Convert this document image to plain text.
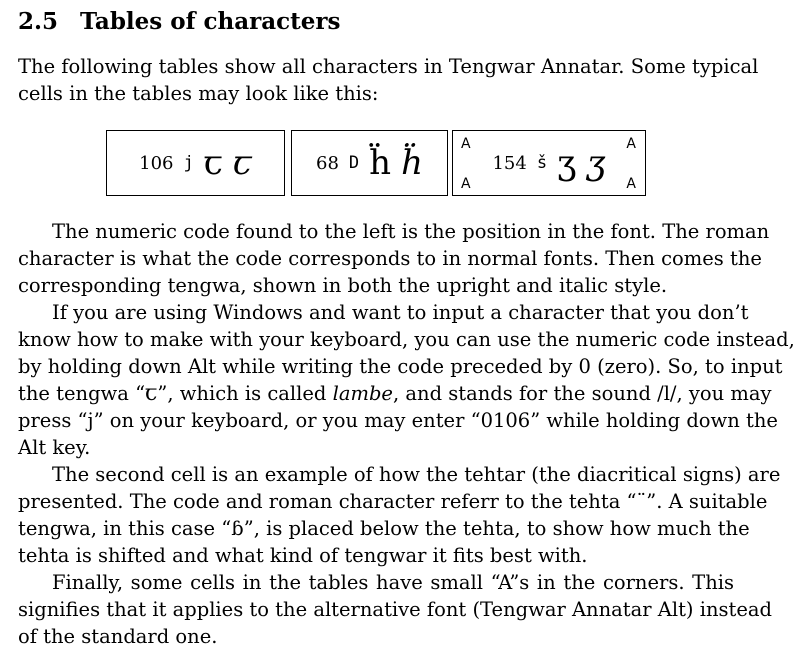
2.5 Tables of characters
The following tables show all characters in Tengwar Annatar. Some typical
cells in the tables may look like this:
106 j ꞇ ꞇ	68 D ḧ ḧ	A	A
A	A
154 š ʒ ʒ
The numeric code found to the left is the position in the font. The roman
character is what the code corresponds to in normal fonts. Then comes the
corresponding tengwa, shown in both the upright and italic style.
If you are using Windows and want to input a character that you don’t
know how to make with your keyboard, you can use the numeric code instead,
by holding down Alt while writing the code preceded by 0 (zero). So, to input
the tengwa “ꞇ”, which is called lambe, and stands for the sound /l/, you may
press “j” on your keyboard, or you may enter “0106” while holding down the
Alt key.
The second cell is an example of how the tehtar (the diacritical signs) are
presented. The code and roman character referr to the tehta “¨”. A suitable
tengwa, in this case “ɓ”, is placed below the tehta, to show how much the
tehta is shifted and what kind of tengwar it fits best with.
Finally, some cells in the tables have small “A”s in the corners. This
signifies that it applies to the alternative font (Tengwar Annatar Alt) instead
of the standard one.
